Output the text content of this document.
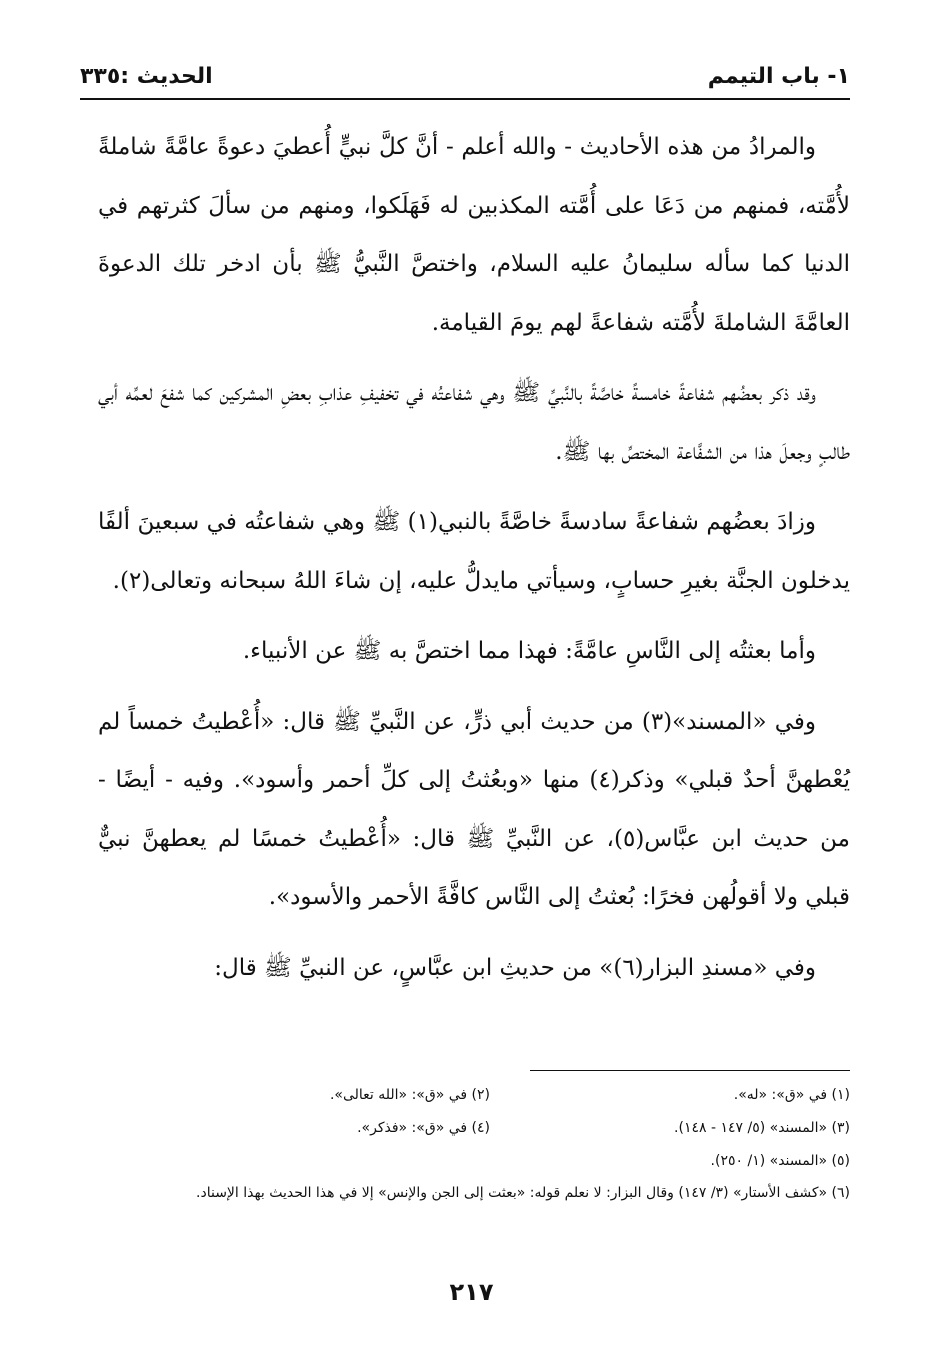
١- باب التيمم
الحديث :٣٣٥

والمرادُ من هذه الأحاديث - والله أعلم - أنَّ كلَّ نبيٍّ أُعطيَ دعوةً عامَّةً شاملةً لأُمَّته، فمنهم من دَعَا على أُمَّته المكذبين له فَهَلَكوا، ومنهم من سألَ كثرتهم في الدنيا كما سأله سليمانُ عليه السلام، واختصَّ النَّبيُّ ﷺ بأن ادخر تلك الدعوةَ العامَّةَ الشاملةَ لأُمَّته شفاعةً لهم يومَ القيامة.

وقد ذكر بعضُهم شفاعةً خامسةً خاصَّةً بالنَّبيِّ ﷺ وهي شفاعتُه في تخفيفِ عذابِ بعضِ المشركين كما شفعَ لعمِّه أبي طالبٍ وجعلَ هذا من الشفَّاعة المختصِّ بها ﷺ.

وزادَ بعضُهم شفاعةً سادسةً خاصَّةً بالنبي(١) ﷺ وهي شفاعتُه في سبعينَ ألفًا يدخلون الجنَّة بغيرِ حسابٍ، وسيأتي مايدلُّ عليه، إن شاءَ اللهُ سبحانه وتعالى(٢).

وأما بعثتُه إلى النَّاسِ عامَّةً: فهذا مما اختصَّ به ﷺ عن الأنبياء.

وفي «المسند»(٣) من حديث أبي ذرٍّ، عن النَّبيِّ ﷺ قال: «أُعْطيتُ خمساً لم يُعْطهنَّ أحدٌ قبلي» وذكر(٤) منها «وبعُثتُ إلى كلِّ أحمر وأسود». وفيه - أيضًا - من حديث ابن عبَّاس(٥)، عن النَّبيِّ ﷺ قال: «أُعْطيتُ خمسًا لم يعطهنَّ نبيٌّ قبلي ولا أقولُهن فخرًا: بُعثتُ إلى النَّاس كافَّةً الأحمر والأسود».

وفي «مسندِ البزار(٦)» من حديثِ ابن عبَّاسٍ، عن النبيِّ ﷺ قال:

(١) في «ق»: «له».
(٢) في «ق»: «الله تعالى».
(٣) «المسند» (٥/ ١٤٧ - ١٤٨).
(٤) في «ق»: «فذكر».
(٥) «المسند» (١/ ٢٥٠).
(٦) «كشف الأستار» (٣/ ١٤٧) وقال البزار: لا نعلم قوله: «بعثت إلى الجن والإنس» إلا في هذا الحديث بهذا الإسناد.
٢١٧
